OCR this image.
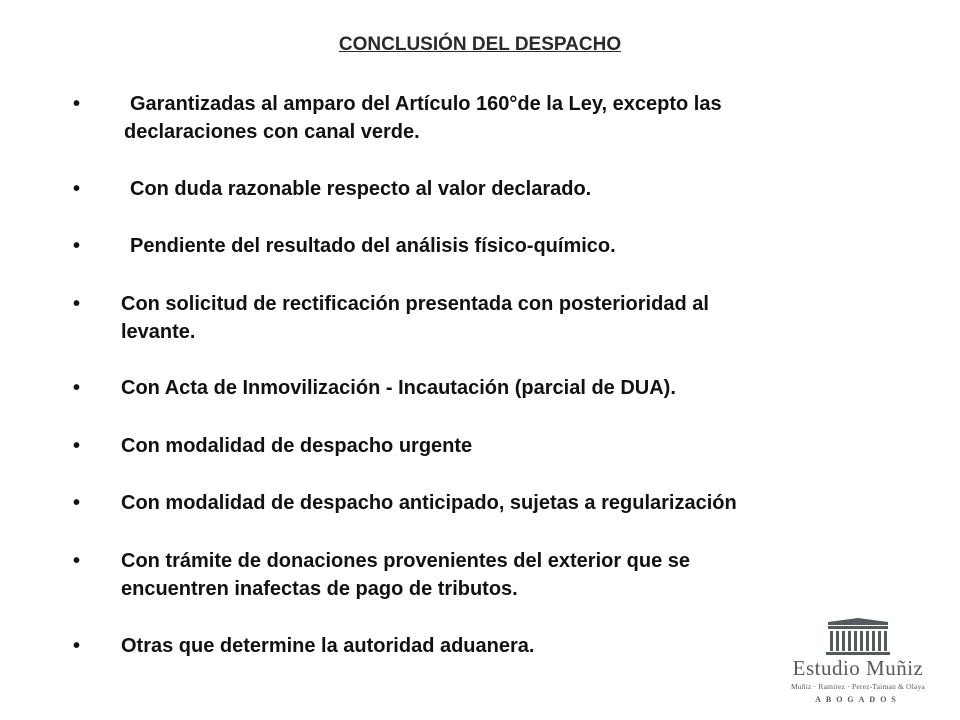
CONCLUSIÓN DEL DESPACHO
• Garantizadas al amparo del Artículo 160°de la Ley, excepto las
declaraciones con canal verde.
• Con duda razonable respecto al valor declarado.
• Pendiente del resultado del análisis físico-químico.
• Con solicitud de rectificación presentada con posterioridad al
levante.
• Con Acta de Inmovilización - Incautación (parcial de DUA).
• Con modalidad de despacho urgente
• Con modalidad de despacho anticipado, sujetas a regularización
• Con trámite de donaciones provenientes del exterior que se
encuentren inafectas de pago de tributos.
• Otras que determine la autoridad aduanera.
Estudio Muñiz
Muñiz · Ramirez · Perez-Taiman & Olaya
ABOGADOS
